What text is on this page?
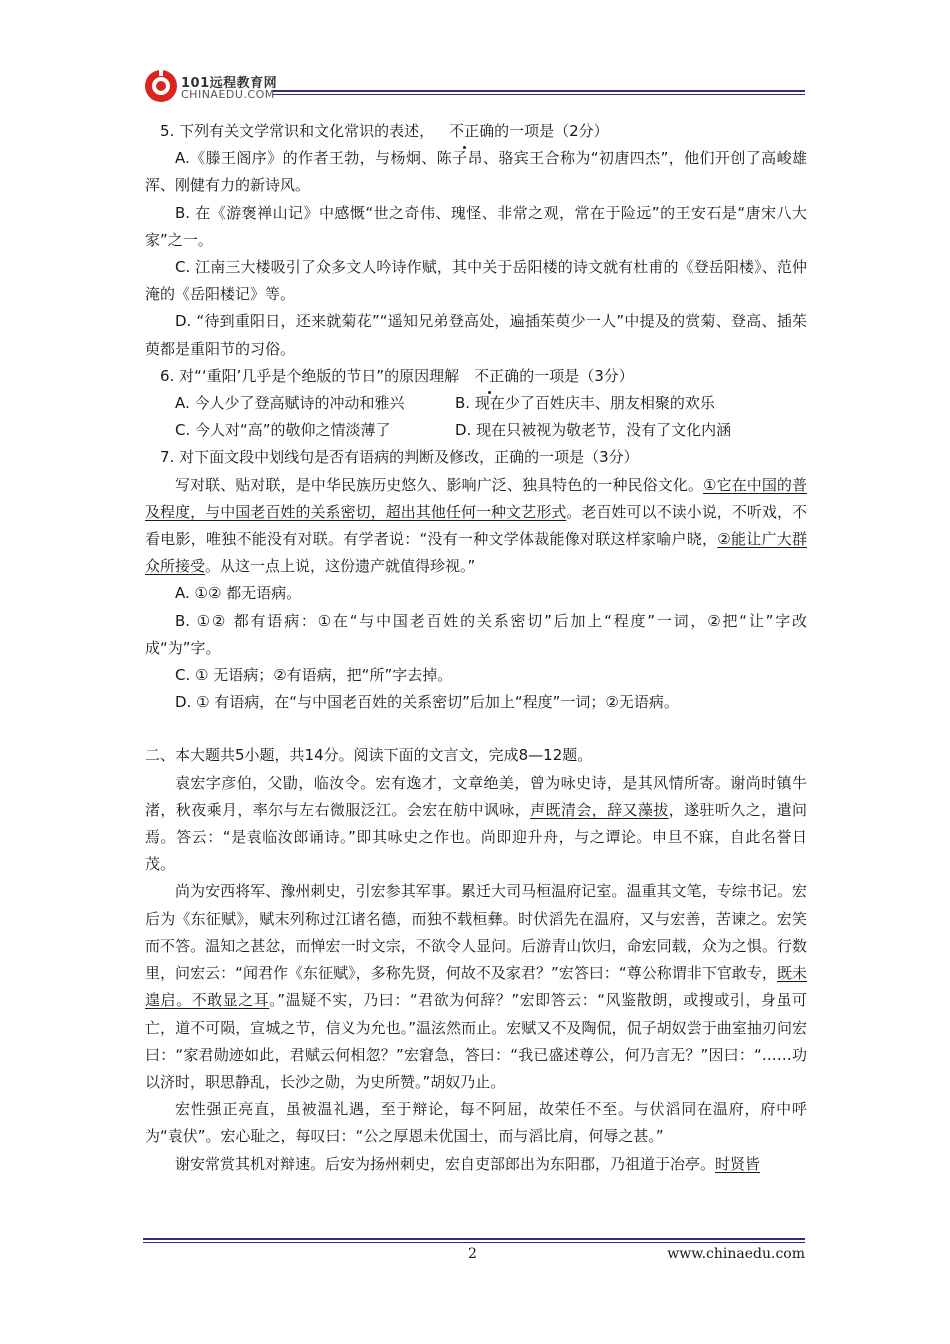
101远程教育网
CHINAEDU.COM

5. 下列有关文学常识和文化常识的表述， 不正确的一项是（2分）

A.《滕王阁序》的作者王勃，与杨炯、陈子昂、骆宾王合称为“初唐四杰”，他们开创了高峻雄浑、刚健有力的新诗风。

B. 在《游褒禅山记》中感慨“世之奇伟、瑰怪、非常之观，常在于险远”的王安石是“唐宋八大家”之一。

C. 江南三大楼吸引了众多文人吟诗作赋，其中关于岳阳楼的诗文就有杜甫的《登岳阳楼》、范仲淹的《岳阳楼记》等。

D. “待到重阳日，还来就菊花”“遥知兄弟登高处，遍插茱萸少一人”中提及的赏菊、登高、插茱萸都是重阳节的习俗。

6. 对“‘重阳’几乎是个绝版的节日”的原因理解 不正确的一项是（3分）

A. 今人少了登高赋诗的冲动和雅兴	B. 现在少了百姓庆丰、朋友相聚的欢乐
C. 今人对“高”的敬仰之情淡薄了	D. 现在只被视为敬老节，没有了文化内涵

7. 对下面文段中划线句是否有语病的判断及修改，正确的一项是（3分）

写对联、贴对联，是中华民族历史悠久、影响广泛、独具特色的一种民俗文化。①它在中国的普及程度，与中国老百姓的关系密切，超出其他任何一种文艺形式。老百姓可以不读小说，不听戏，不看电影，唯独不能没有对联。有学者说：“没有一种文学体裁能像对联这样家喻户晓，②能让广大群众所接受。从这一点上说，这份遗产就值得珍视。”

A. ①② 都无语病。

B. ①② 都有语病：①在“与中国老百姓的关系密切”后加上“程度”一词，②把“让”字改成“为”字。

C. ① 无语病；②有语病，把“所”字去掉。

D. ① 有语病，在“与中国老百姓的关系密切”后加上“程度”一词；②无语病。

二、本大题共5小题，共14分。阅读下面的文言文，完成8—12题。

袁宏字彦伯，父勖，临汝令。宏有逸才，文章绝美，曾为咏史诗，是其风情所寄。谢尚时镇牛渚，秋夜乘月，率尔与左右微服泛江。会宏在舫中讽咏，声既清会，辞又藻拔，遂驻听久之，遣问焉。答云：“是袁临汝郎诵诗。”即其咏史之作也。尚即迎升舟，与之谭论。申旦不寐，自此名誉日茂。

尚为安西将军、豫州刺史，引宏参其军事。累迁大司马桓温府记室。温重其文笔，专综书记。宏后为《东征赋》，赋末列称过江诸名德，而独不载桓彝。时伏滔先在温府，又与宏善，苦谏之。宏笑而不答。温知之甚忿，而惮宏一时文宗，不欲令人显问。后游青山饮归，命宏同载，众为之惧。行数里，问宏云：“闻君作《东征赋》，多称先贤，何故不及家君？”宏答曰：“尊公称谓非下官敢专，既未遑启。不敢显之耳。”温疑不实，乃曰：“君欲为何辞？”宏即答云：“风鉴散朗，或搜或引，身虽可亡，道不可陨，宣城之节，信义为允也。”温泫然而止。宏赋又不及陶侃，侃子胡奴尝于曲室抽刃问宏曰：“家君勋迹如此，君赋云何相忽？”宏窘急，答曰：“我已盛述尊公，何乃言无？”因曰：“……功以济时，职思静乱，长沙之勋，为史所赞。”胡奴乃止。

宏性强正亮直，虽被温礼遇，至于辩论，每不阿屈，故荣任不至。与伏滔同在温府，府中呼为“袁伏”。宏心耻之，每叹曰：“公之厚恩未优国士，而与滔比肩，何辱之甚。”

谢安常赏其机对辩速。后安为扬州刺史，宏自吏部郎出为东阳郡，乃祖道于冶亭。时贤皆

2	www.chinaedu.com
